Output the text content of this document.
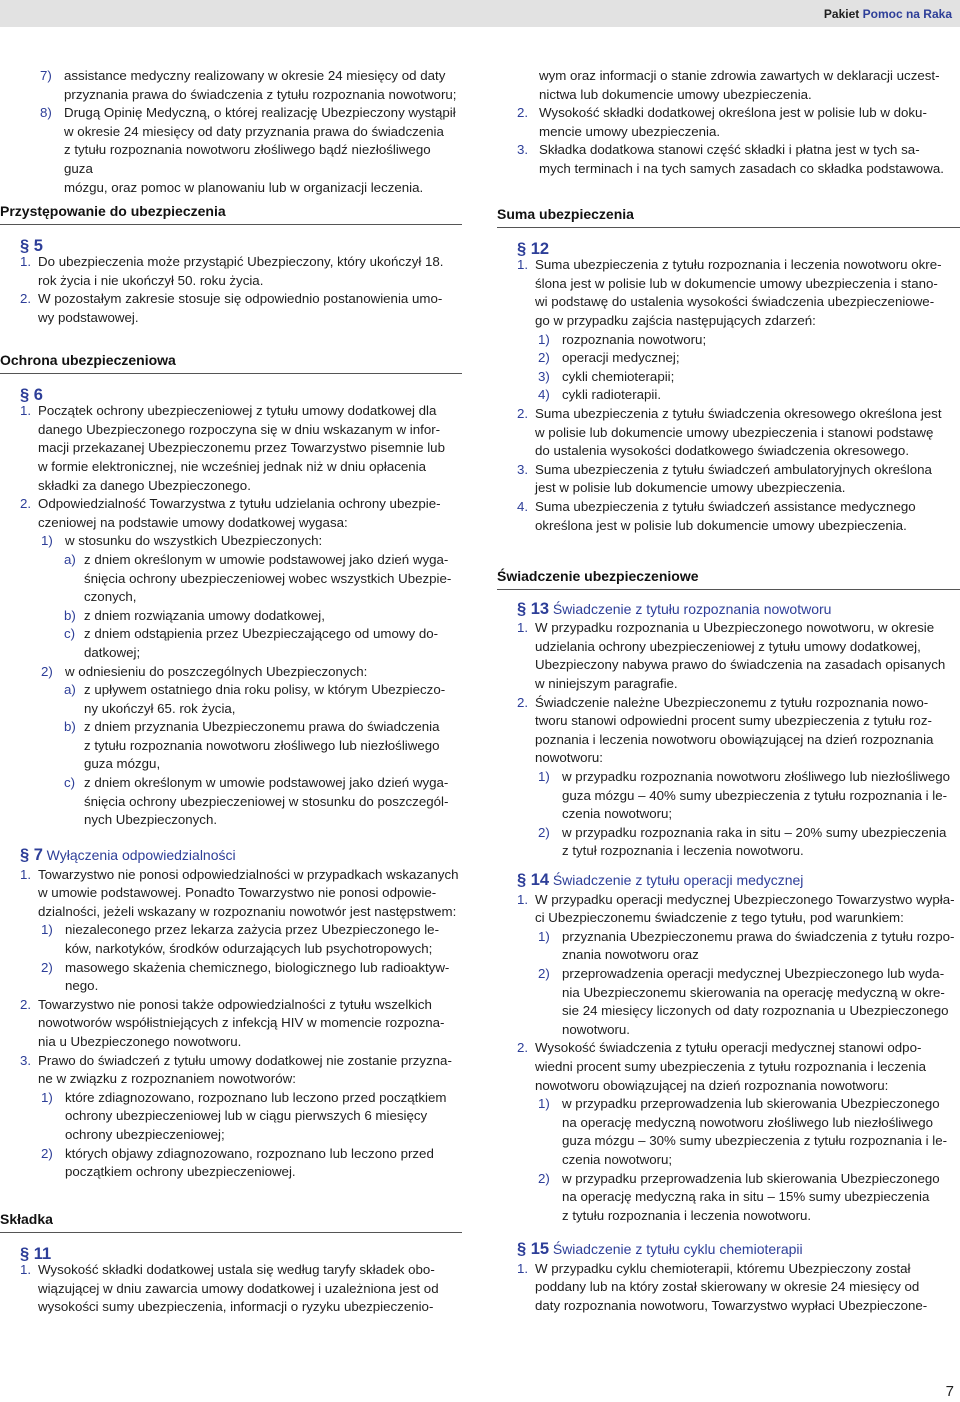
Pakiet Pomoc na Raka
7) assistance medyczny realizowany w okresie 24 miesięcy od daty
przyznania prawa do świadczenia z tytułu rozpoznania nowotworu;
8) Drugą Opinię Medyczną, o której realizację Ubezpieczony wystąpił
w okresie 24 miesięcy od daty przyznania prawa do świadczenia
z tytułu rozpoznania nowotworu złośliwego bądź niezłośliwego guza
mózgu, oraz pomoc w planowaniu lub w organizacji leczenia.
Przystępowanie do ubezpieczenia
§ 5
1. Do ubezpieczenia może przystąpić Ubezpieczony, który ukończył 18.
rok życia i nie ukończył 50. roku życia.
2. W pozostałym zakresie stosuje się odpowiednio postanowienia umo-
wy podstawowej.
Ochrona ubezpieczeniowa
§ 6
1. Początek ochrony ubezpieczeniowej z tytułu umowy dodatkowej dla
danego Ubezpieczonego rozpoczyna się w dniu wskazanym w infor-
macji przekazanej Ubezpieczonemu przez Towarzystwo pisemnie lub
w formie elektronicznej, nie wcześniej jednak niż w dniu opłacenia
składki za danego Ubezpieczonego.
2. Odpowiedzialność Towarzystwa z tytułu udzielania ochrony ubezpie-
czeniowej na podstawie umowy dodatkowej wygasa:
1) w stosunku do wszystkich Ubezpieczonych:
a) z dniem określonym w umowie podstawowej jako dzień wyga-
śnięcia ochrony ubezpieczeniowej wobec wszystkich Ubezpie-
czonych,
b) z dniem rozwiązania umowy dodatkowej,
c) z dniem odstąpienia przez Ubezpieczającego od umowy do-
datkowej;
2) w odniesieniu do poszczególnych Ubezpieczonych:
a) z upływem ostatniego dnia roku polisy, w którym Ubezpieczo-
ny ukończył 65. rok życia,
b) z dniem przyznania Ubezpieczonemu prawa do świadczenia
z tytułu rozpoznania nowotworu złośliwego lub niezłośliwego
guza mózgu,
c) z dniem określonym w umowie podstawowej jako dzień wyga-
śnięcia ochrony ubezpieczeniowej w stosunku do poszczegól-
nych Ubezpieczonych.
§ 7 Wyłączenia odpowiedzialności
1. Towarzystwo nie ponosi odpowiedzialności w przypadkach wskazanych
w umowie podstawowej. Ponadto Towarzystwo nie ponosi odpowie-
dzialności, jeżeli wskazany w rozpoznaniu nowotwór jest następstwem:
1) niezaleconego przez lekarza zażycia przez Ubezpieczonego le-
ków, narkotyków, środków odurzających lub psychotropowych;
2) masowego skażenia chemicznego, biologicznego lub radioaktyw-
nego.
2. Towarzystwo nie ponosi także odpowiedzialności z tytułu wszelkich
nowotworów współistniejących z infekcją HIV w momencie rozpozna-
nia u Ubezpieczonego nowotworu.
3. Prawo do świadczeń z tytułu umowy dodatkowej nie zostanie przyzna-
ne w związku z rozpoznaniem nowotworów:
1) które zdiagnozowano, rozpoznano lub leczono przed początkiem
ochrony ubezpieczeniowej lub w ciągu pierwszych 6 miesięcy
ochrony ubezpieczeniowej;
2) których objawy zdiagnozowano, rozpoznano lub leczono przed
początkiem ochrony ubezpieczeniowej.
Składka
§ 11
1. Wysokość składki dodatkowej ustala się według taryfy składek obo-
wiązującej w dniu zawarcia umowy dodatkowej i uzależniona jest od
wysokości sumy ubezpieczenia, informacji o ryzyku ubezpieczenio-
wym oraz informacji o stanie zdrowia zawartych w deklaracji uczest-
nictwa lub dokumencie umowy ubezpieczenia.
2. Wysokość składki dodatkowej określona jest w polisie lub w doku-
mencie umowy ubezpieczenia.
3. Składka dodatkowa stanowi część składki i płatna jest w tych sa-
mych terminach i na tych samych zasadach co składka podstawowa.
Suma ubezpieczenia
§ 12
1. Suma ubezpieczenia z tytułu rozpoznania i leczenia nowotworu okre-
ślona jest w polisie lub w dokumencie umowy ubezpieczenia i stano-
wi podstawę do ustalenia wysokości świadczenia ubezpieczeniowe-
go w przypadku zajścia następujących zdarzeń:
1) rozpoznania nowotworu;
2) operacji medycznej;
3) cykli chemioterapii;
4) cykli radioterapii.
2. Suma ubezpieczenia z tytułu świadczenia okresowego określona jest
w polisie lub dokumencie umowy ubezpieczenia i stanowi podstawę
do ustalenia wysokości dodatkowego świadczenia okresowego.
3. Suma ubezpieczenia z tytułu świadczeń ambulatoryjnych określona
jest w polisie lub dokumencie umowy ubezpieczenia.
4. Suma ubezpieczenia z tytułu świadczeń assistance medycznego
określona jest w polisie lub dokumencie umowy ubezpieczenia.
Świadczenie ubezpieczeniowe
§ 13 Świadczenie z tytułu rozpoznania nowotworu
1. W przypadku rozpoznania u Ubezpieczonego nowotworu, w okresie
udzielania ochrony ubezpieczeniowej z tytułu umowy dodatkowej,
Ubezpieczony nabywa prawo do świadczenia na zasadach opisanych
w niniejszym paragrafie.
2. Świadczenie należne Ubezpieczonemu z tytułu rozpoznania nowo-
tworu stanowi odpowiedni procent sumy ubezpieczenia z tytułu roz-
poznania i leczenia nowotworu obowiązującej na dzień rozpoznania
nowotworu:
1) w przypadku rozpoznania nowotworu złośliwego lub niezłośliwego
guza mózgu – 40% sumy ubezpieczenia z tytułu rozpoznania i le-
czenia nowotworu;
2) w przypadku rozpoznania raka in situ – 20% sumy ubezpieczenia
z tytuł rozpoznania i leczenia nowotworu.
§ 14 Świadczenie z tytułu operacji medycznej
1. W przypadku operacji medycznej Ubezpieczonego Towarzystwo wypła-
ci Ubezpieczonemu świadczenie z tego tytułu, pod warunkiem:
1) przyznania Ubezpieczonemu prawa do świadczenia z tytułu rozpo-
znania nowotworu oraz
2) przeprowadzenia operacji medycznej Ubezpieczonego lub wyda-
nia Ubezpieczonemu skierowania na operację medyczną w okre-
sie 24 miesięcy liczonych od daty rozpoznania u Ubezpieczonego
nowotworu.
2. Wysokość świadczenia z tytułu operacji medycznej stanowi odpo-
wiedni procent sumy ubezpieczenia z tytułu rozpoznania i leczenia
nowotworu obowiązującej na dzień rozpoznania nowotworu:
1) w przypadku przeprowadzenia lub skierowania Ubezpieczonego
na operację medyczną nowotworu złośliwego lub niezłośliwego
guza mózgu – 30% sumy ubezpieczenia z tytułu rozpoznania i le-
czenia nowotworu;
2) w przypadku przeprowadzenia lub skierowania Ubezpieczonego
na operację medyczną raka in situ – 15% sumy ubezpieczenia
z tytułu rozpoznania i leczenia nowotworu.
§ 15 Świadczenie z tytułu cyklu chemioterapii
1. W przypadku cyklu chemioterapii, któremu Ubezpieczony został
poddany lub na który został skierowany w okresie 24 miesięcy od
daty rozpoznania nowotworu, Towarzystwo wypłaci Ubezpieczone-
7
